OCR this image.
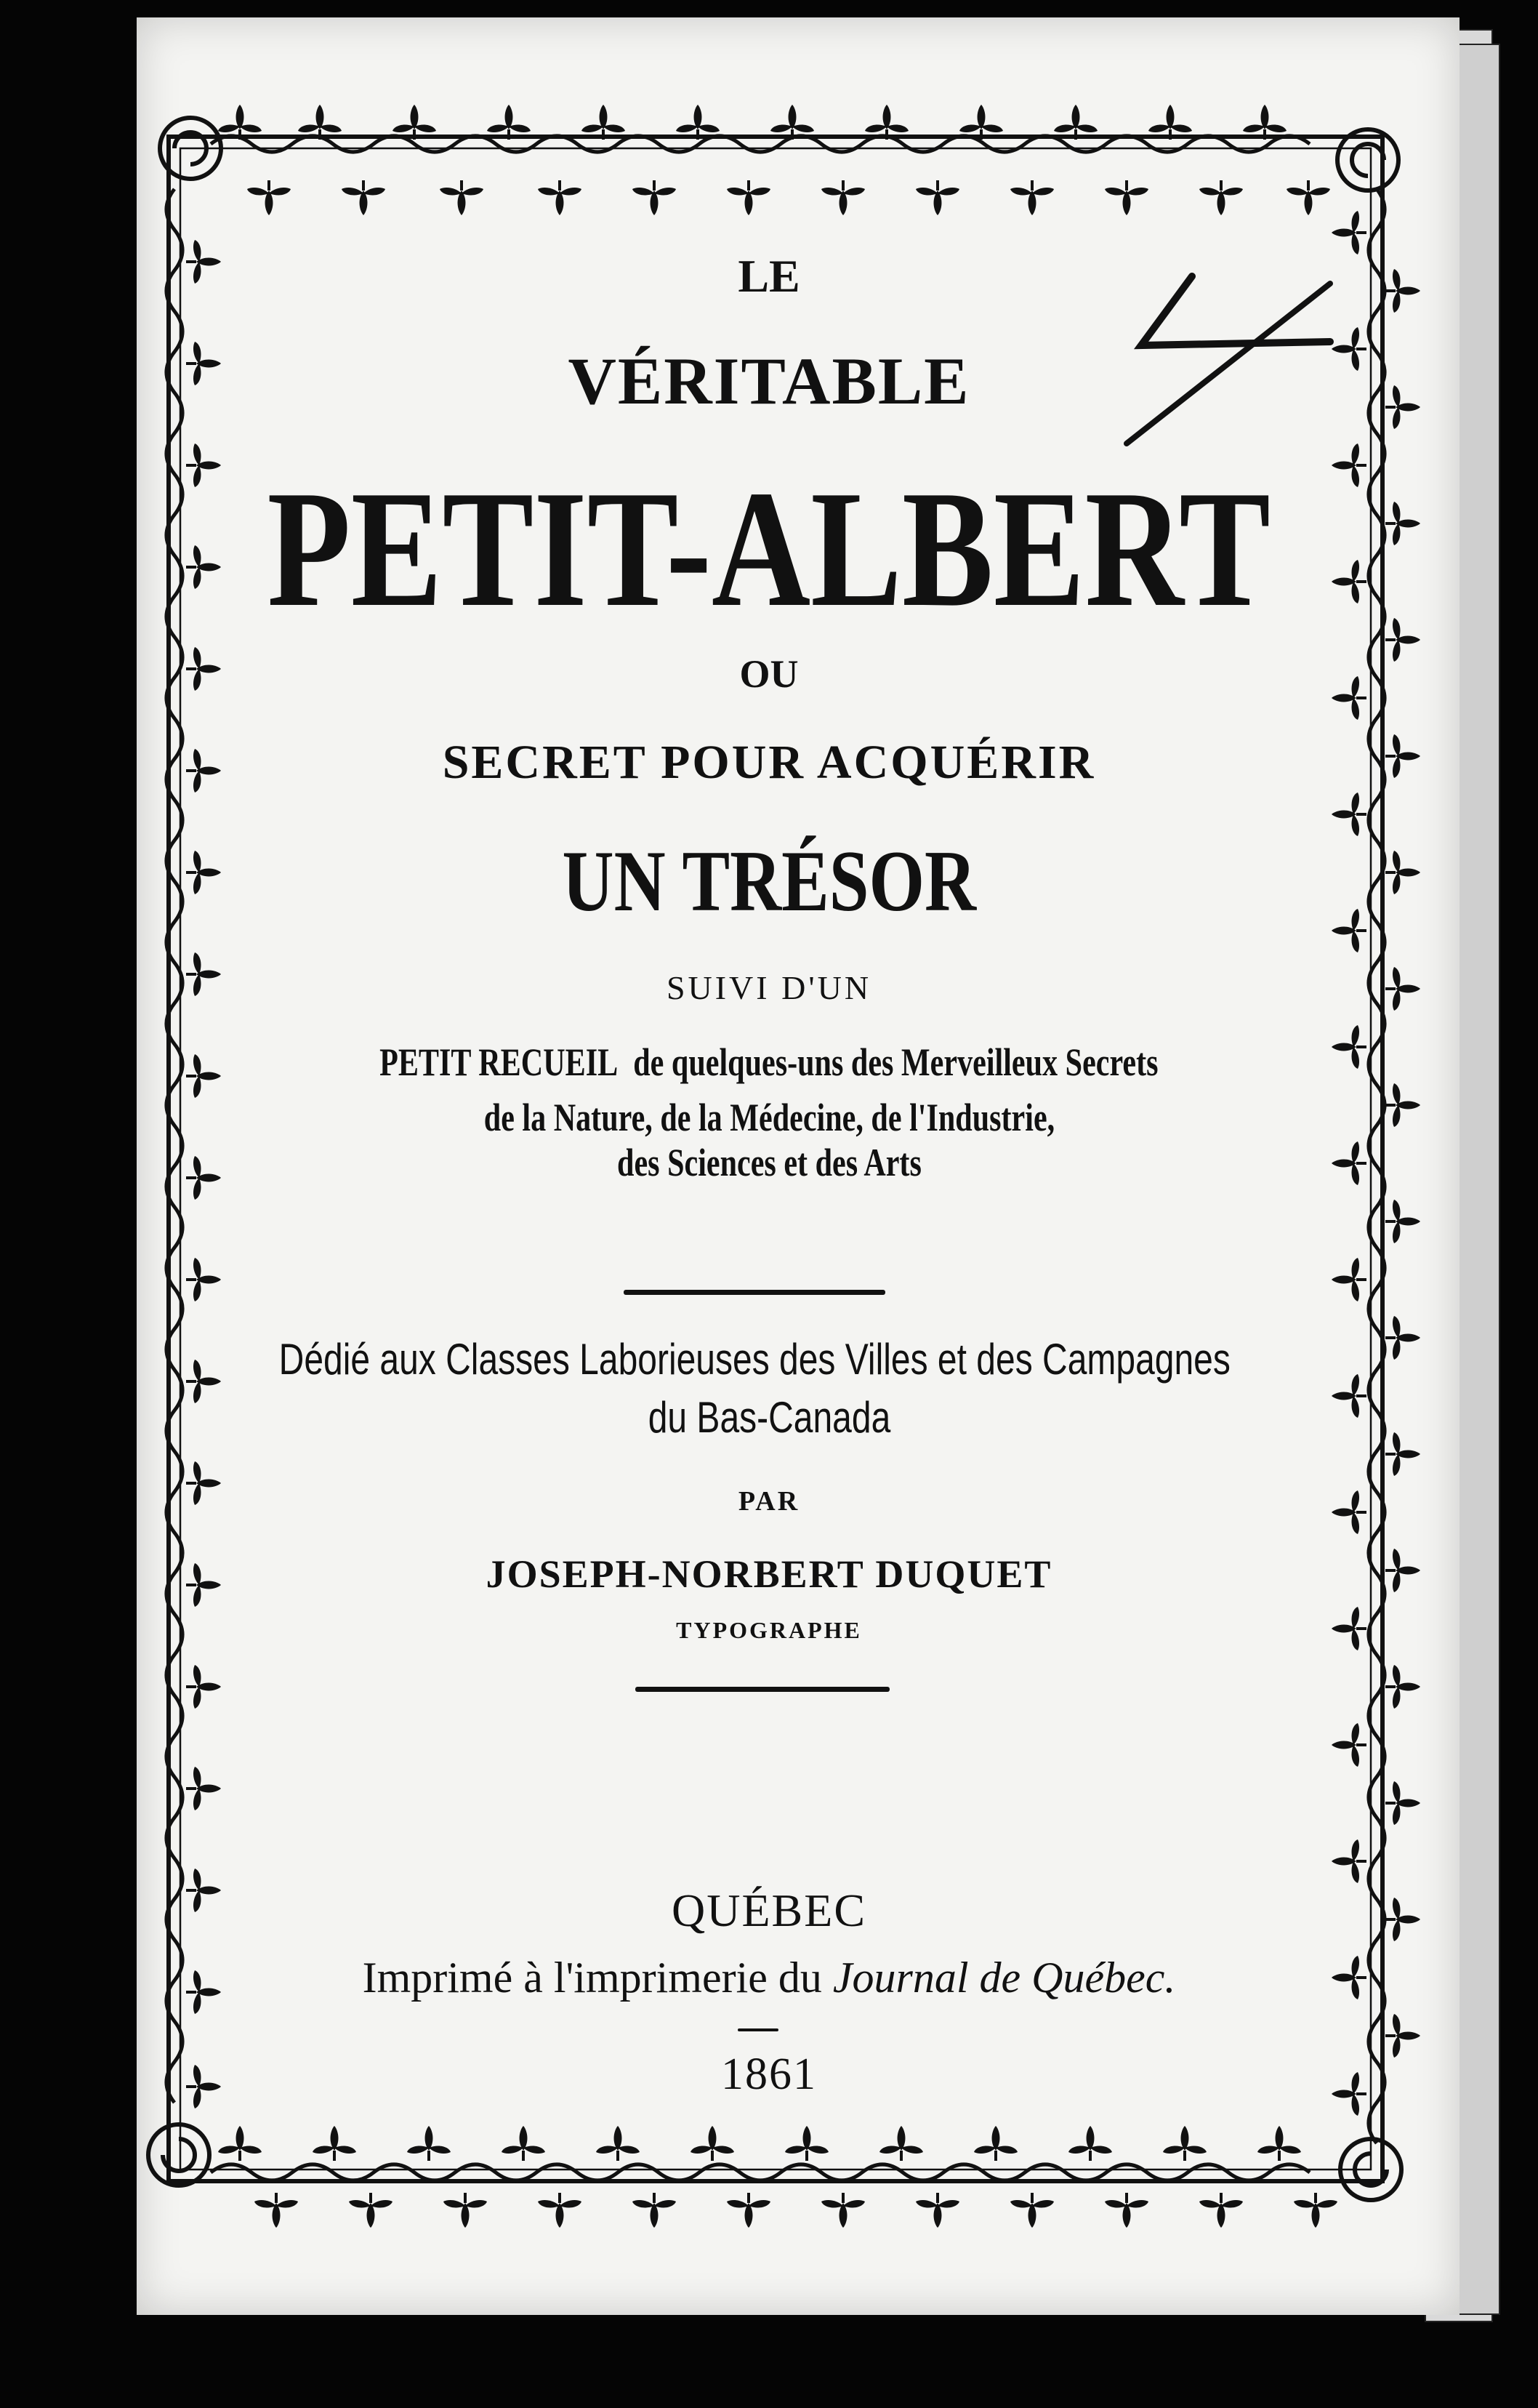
LE
VÉRITABLE
PETIT-ALBERT
OU
SECRET POUR ACQUÉRIR
UN TRÉSOR
SUIVI D'UN
PETIT RECUEIL de quelques-uns des Merveilleux Secrets
de la Nature, de la Médecine, de l'Industrie,
des Sciences et des Arts
Dédié aux Classes Laborieuses des Villes et des Campagnes
du Bas-Canada
PAR
JOSEPH-NORBERT DUQUET
TYPOGRAPHE
QUÉBEC
Imprimé à l'imprimerie du Journal de Québec.
1861
